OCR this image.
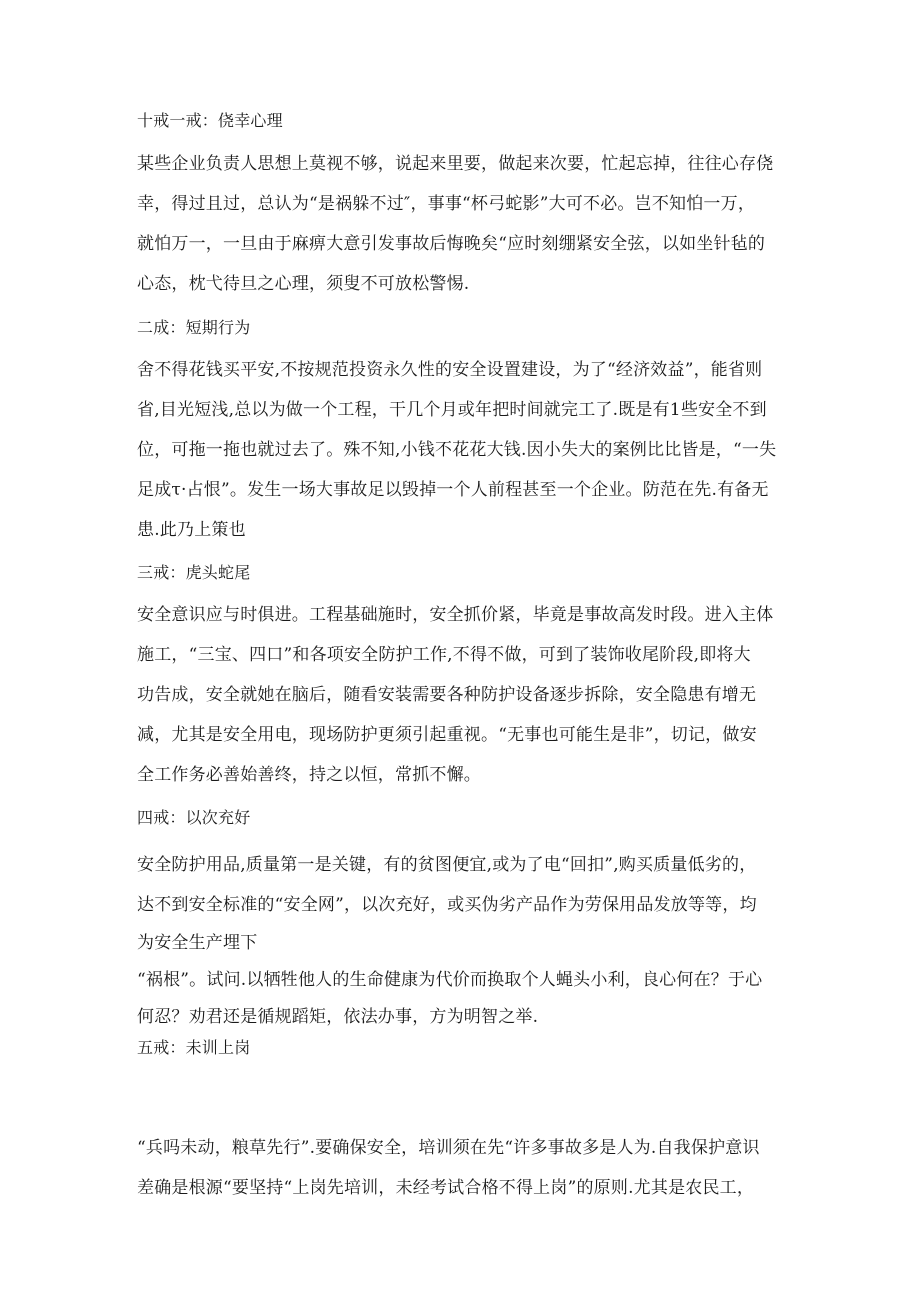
十戒一戒：侥幸心理
某些企业负责人思想上莫视不够，说起来里要，做起来次要，忙起忘掉，往往心存侥
幸，得过且过，总认为“是祸躲不过″，事事“杯弓蛇影”大可不必。岂不知怕一万，
就怕万一，一旦由于麻痹大意引发事故后悔晚矣“应时刻绷紧安全弦，以如坐针毡的
心态，枕弋待旦之心理，须叟不可放松警惕.
二成：短期行为
舍不得花钱买平安,不按规范投资永久性的安全设置建设，为了“经济效益”，能省则
省,目光短浅,总以为做一个工程，干几个月或年把时间就完工了.既是有1些安全不到
位，可拖一拖也就过去了。殊不知,小钱不花花大钱.因小失大的案例比比皆是，“一失
足成τ·占恨”。发生一场大事故足以毁掉一个人前程甚至一个企业。防范在先.有备无
患.此乃上策也
三戒：虎头蛇尾
安全意识应与时俱进。工程基础施时，安全抓价紧，毕竟是事故高发时段。进入主体
施工，“三宝、四口”和各项安全防护工作,不得不做，可到了装饰收尾阶段,即将大
功告成，安全就她在脑后，随看安装需要各种防护设备逐步拆除，安全隐患有增无
减，尤其是安全用电，现场防护更须引起重视。“无事也可能生是非”，切记，做安
全工作务必善始善终，持之以恒，常抓不懈。
四戒：以次充好
安全防护用品,质量第一是关键，有的贫图便宜,或为了电“回扣”,购买质量低劣的，
达不到安全标准的“安全网”，以次充好，或买伪劣产品作为劳保用品发放等等，均
为安全生产埋下
“祸根”。试问.以牺牲他人的生命健康为代价而换取个人蝇头小利，良心何在？于心
何忍？劝君还是循规蹈矩，依法办事，方为明智之举.
五戒：未训上岗
“兵吗未动，粮草先行”.要确保安全，培训须在先“许多事故多是人为.自我保护意识
差确是根源“要坚持“上岗先培训，未经考试合格不得上岗”的原则.尤其是农民工，
